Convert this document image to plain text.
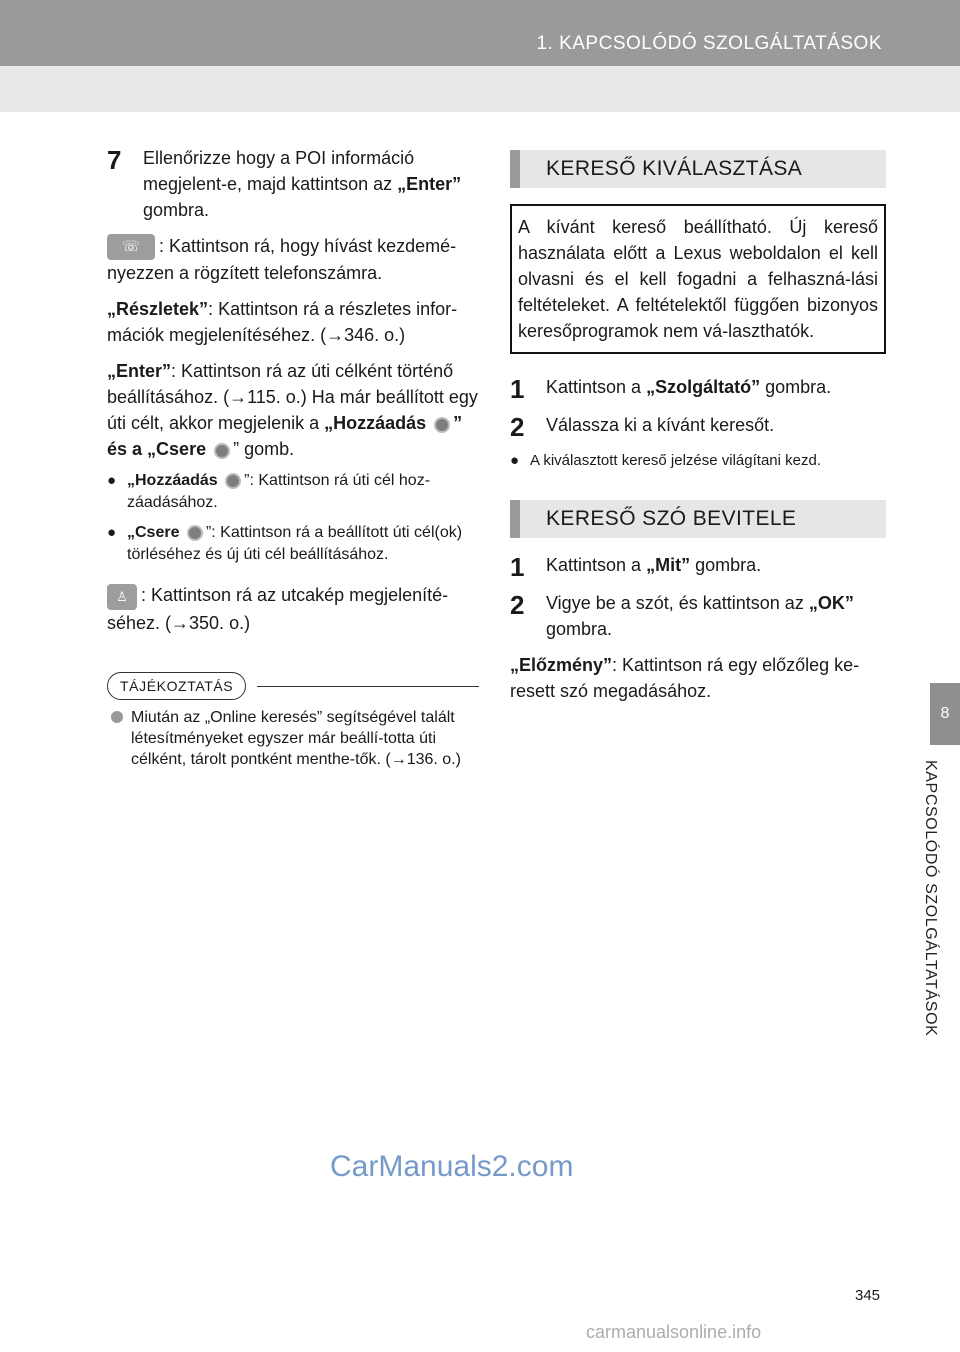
1. KAPCSOLÓDÓ SZOLGÁLTATÁSOK
8
KAPCSOLÓDÓ SZOLGÁLTATÁSOK
7	Ellenőrizze hogy a POI információ megjelent-e, majd kattintson az „Enter” gombra.

☏ : Kattintson rá, hogy hívást kezdemé-nyezzen a rögzített telefonszámra.

„Részletek”: Kattintson rá a részletes infor-mációk megjelenítéséhez. (→346. o.)

„Enter”: Kattintson rá az úti célként történő beállításához. (→115. o.) Ha már beállított egy úti célt, akkor megjelenik a „Hozzáadás ” és a „Csere ” gomb.

● „Hozzáadás ”: Kattintson rá úti cél hoz-záadásához.
● „Csere ”: Kattintson rá a beállított úti cél(ok) törléséhez és új úti cél beállításához.

♙ : Kattintson rá az utcakép megjeleníté-séhez. (→350. o.)

TÁJÉKOZTATÁS
Miután az „Online keresés” segítségével talált létesítményeket egyszer már beállí-totta úti célként, tárolt pontként menthe-tők. (→136. o.)
KERESŐ KIVÁLASZTÁSA
A kívánt kereső beállítható. Új kereső használata előtt a Lexus weboldalon el kell olvasni és el kell fogadni a felhaszná-lási feltételeket. A feltételektől függően bizonyos keresőprogramok nem vá-laszthatók.
1	Kattintson a „Szolgáltató” gombra.
2	Válassza ki a kívánt keresőt.
● A kiválasztott kereső jelzése világítani kezd.
KERESŐ SZÓ BEVITELE
1	Kattintson a „Mit” gombra.
2	Vigye be a szót, és kattintson az „OK” gombra.

„Előzmény”: Kattintson rá egy előzőleg ke-resett szó megadásához.

CarManuals2.com
345
carmanualsonline.info
